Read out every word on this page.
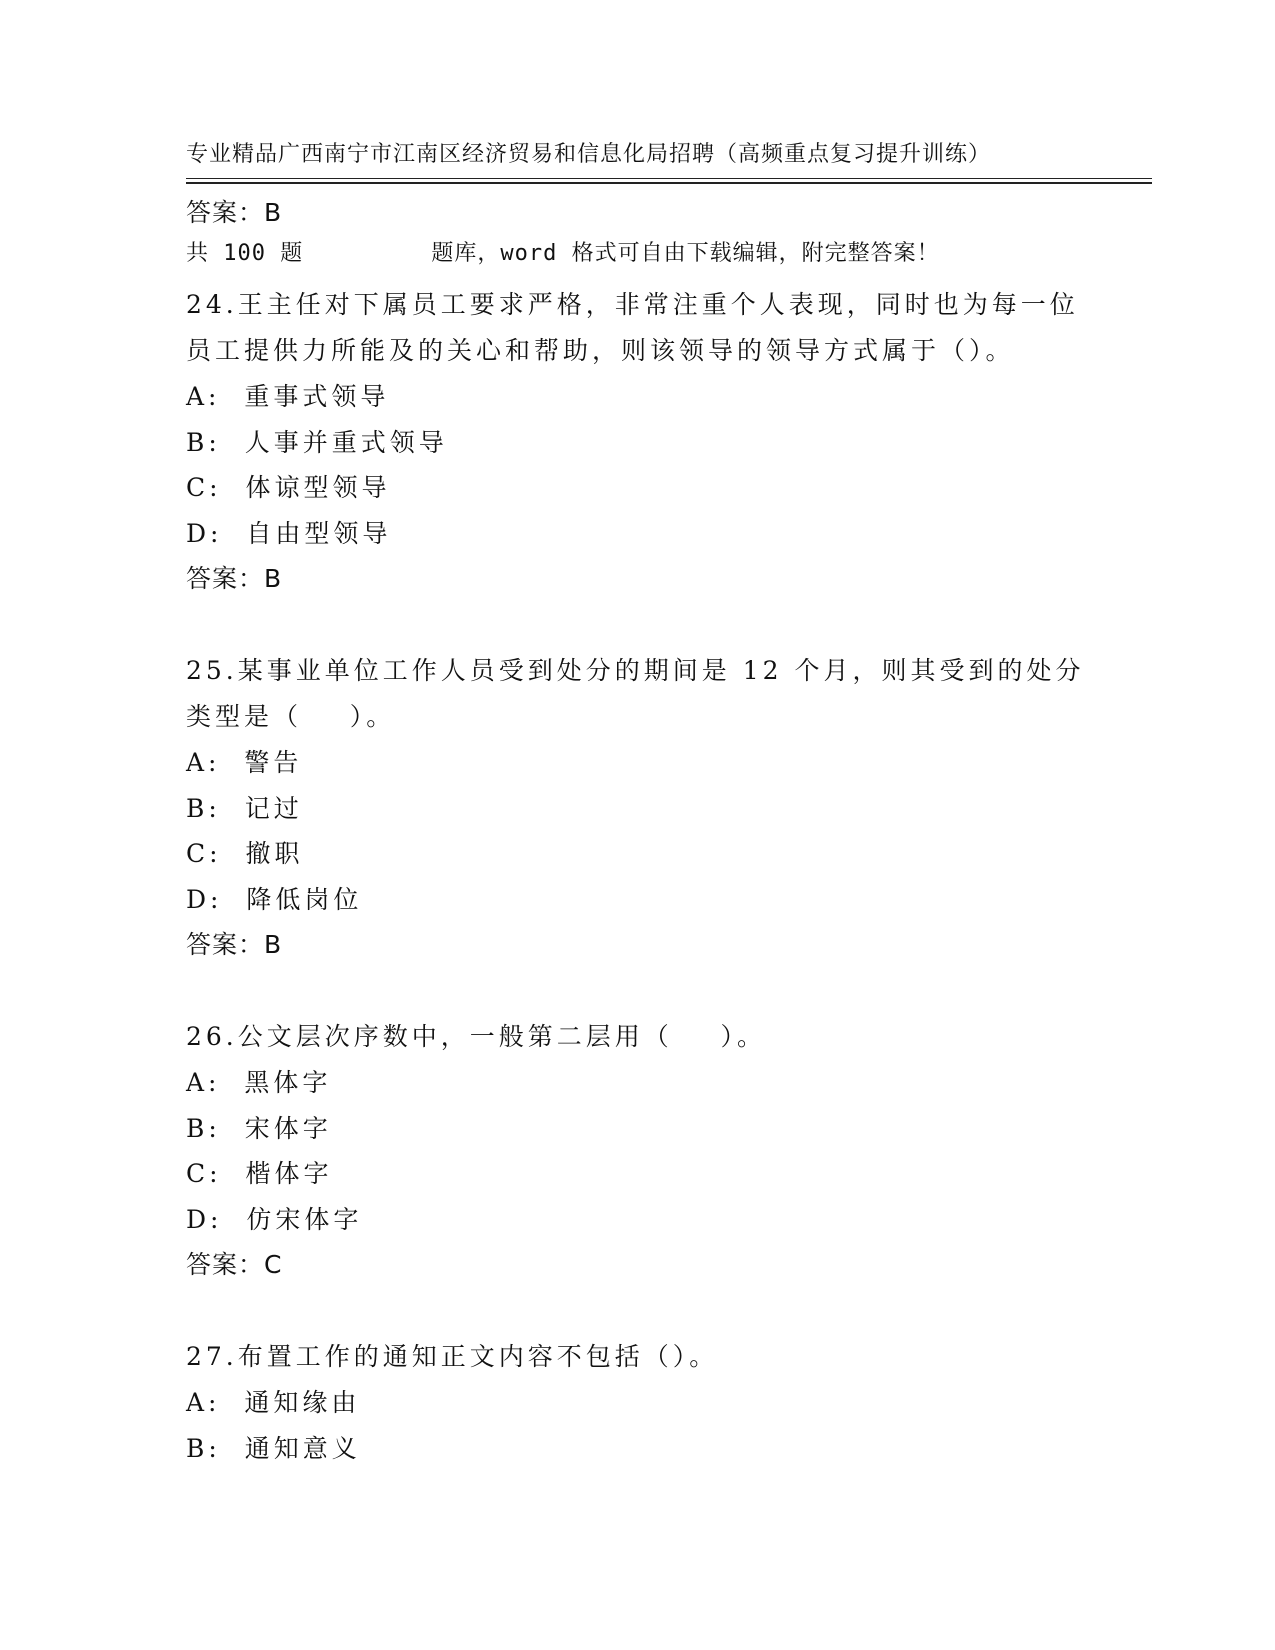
专业精品广西南宁市江南区经济贸易和信息化局招聘（高频重点复习提升训练）

共 100 题         题库，word 格式可自由下载编辑，附完整答案！

答案：B

24.王主任对下属员工要求严格，非常注重个人表现，同时也为每一位

员工提供力所能及的关心和帮助，则该领导的领导方式属于（）。

A:  重事式领导

B:  人事并重式领导

C:  体谅型领导

D:  自由型领导

答案：B

25.某事业单位工作人员受到处分的期间是 12 个月，则其受到的处分

类型是（    ）。

A:  警告

B:  记过

C:  撤职

D:  降低岗位

答案：B

26.公文层次序数中，一般第二层用（    ）。

A:  黑体字

B:  宋体字

C:  楷体字

D:  仿宋体字

答案：C

27.布置工作的通知正文内容不包括（）。

A:  通知缘由

B:  通知意义
